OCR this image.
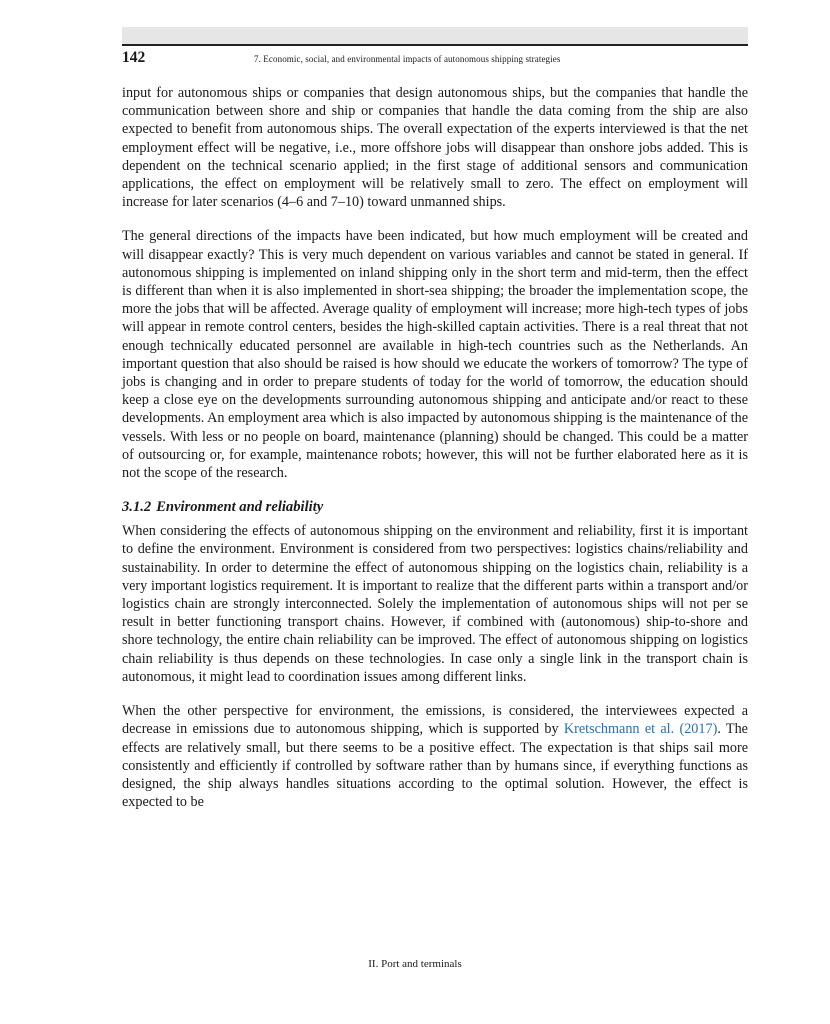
142	7. Economic, social, and environmental impacts of autonomous shipping strategies

input for autonomous ships or companies that design autonomous ships, but the companies that handle the communication between shore and ship or companies that handle the data coming from the ship are also expected to benefit from autonomous ships. The overall expectation of the experts interviewed is that the net employment effect will be negative, i.e., more offshore jobs will disappear than onshore jobs added. This is dependent on the technical scenario applied; in the first stage of additional sensors and communication applications, the effect on employment will be relatively small to zero. The effect on employment will increase for later scenarios (4–6 and 7–10) toward unmanned ships.

The general directions of the impacts have been indicated, but how much employment will be created and will disappear exactly? This is very much dependent on various variables and cannot be stated in general. If autonomous shipping is implemented on inland shipping only in the short term and mid-term, then the effect is different than when it is also implemented in short-sea shipping; the broader the implementation scope, the more the jobs that will be affected. Average quality of employment will increase; more high-tech types of jobs will appear in remote control centers, besides the high-skilled captain activities. There is a real threat that not enough technically educated personnel are available in high-tech countries such as the Netherlands. An important question that also should be raised is how should we educate the workers of tomorrow? The type of jobs is changing and in order to prepare students of today for the world of tomorrow, the education should keep a close eye on the developments surrounding autonomous shipping and anticipate and/or react to these developments. An employment area which is also impacted by autonomous shipping is the maintenance of the vessels. With less or no people on board, maintenance (planning) should be changed. This could be a matter of outsourcing or, for example, maintenance robots; however, this will not be further elaborated here as it is not the scope of the research.

3.1.2 Environment and reliability

When considering the effects of autonomous shipping on the environment and reliability, first it is important to define the environment. Environment is considered from two perspectives: logistics chains/reliability and sustainability. In order to determine the effect of autonomous shipping on the logistics chain, reliability is a very important logistics requirement. It is important to realize that the different parts within a transport and/or logistics chain are strongly interconnected. Solely the implementation of autonomous ships will not per se result in better functioning transport chains. However, if combined with (autonomous) ship-to-shore and shore technology, the entire chain reliability can be improved. The effect of autonomous shipping on logistics chain reliability is thus depends on these technologies. In case only a single link in the transport chain is autonomous, it might lead to coordination issues among different links.

When the other perspective for environment, the emissions, is considered, the interviewees expected a decrease in emissions due to autonomous shipping, which is supported by Kretschmann et al. (2017). The effects are relatively small, but there seems to be a positive effect. The expectation is that ships sail more consistently and efficiently if controlled by software rather than by humans since, if everything functions as designed, the ship always handles situations according to the optimal solution. However, the effect is expected to be

II. Port and terminals
